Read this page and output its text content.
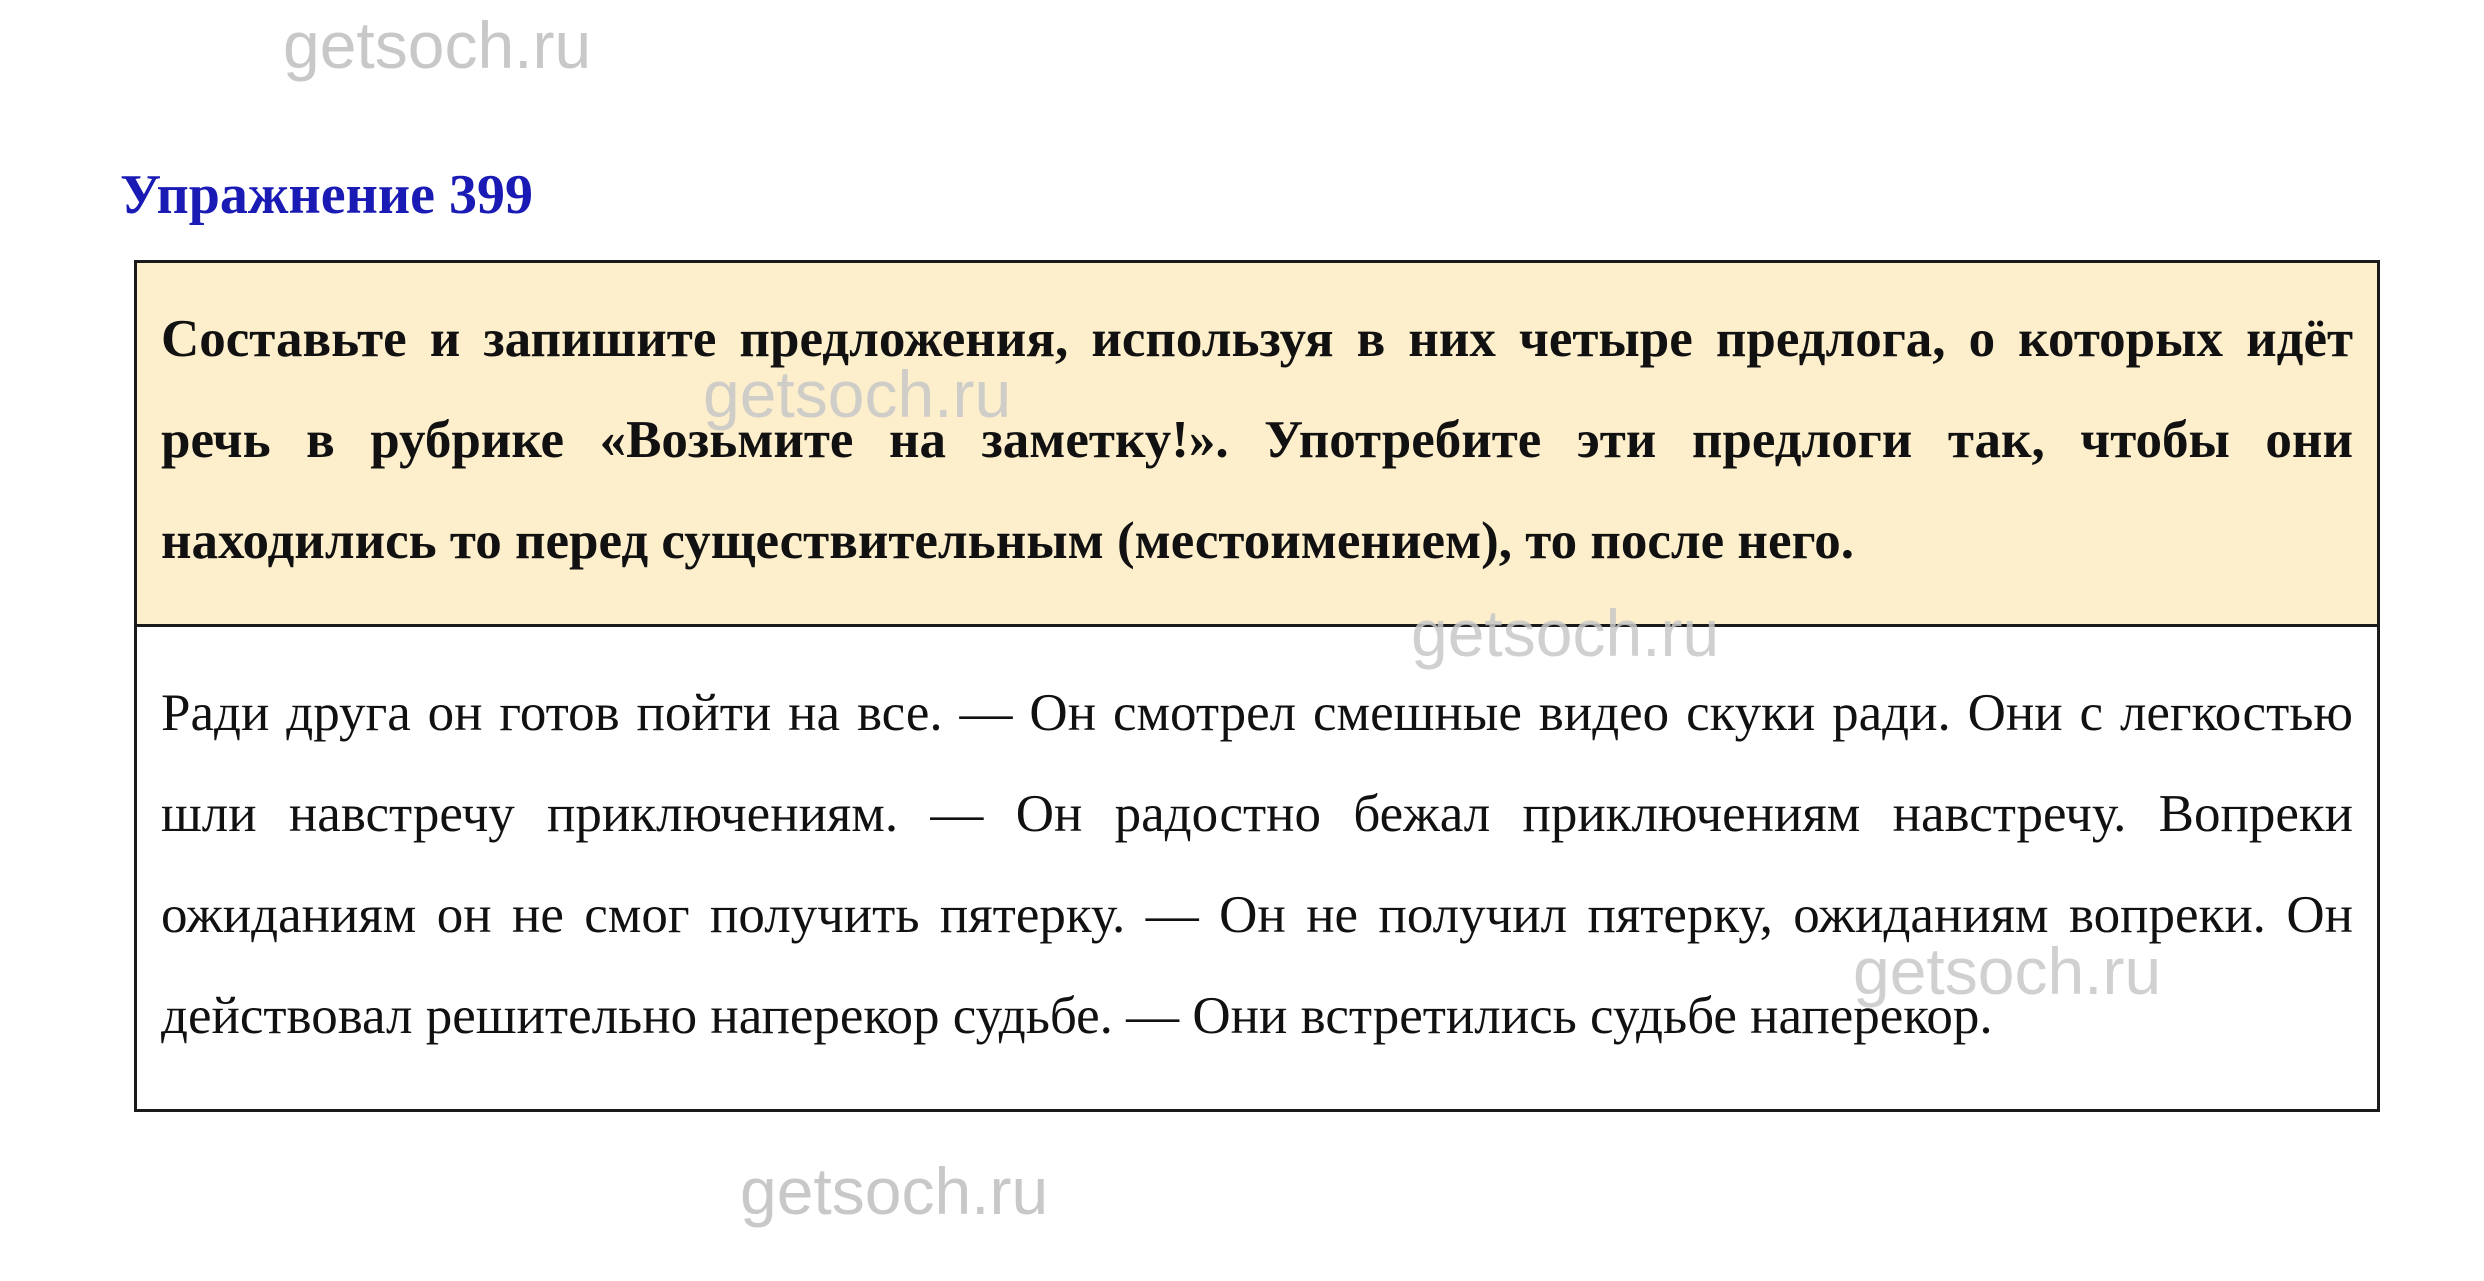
getsoch.ru
Упражнение 399
Составьте и запишите предложения, используя в них четыре предлога, о которых идёт речь в рубрике «Возьмите на заметку!». Употребите эти предлоги так, чтобы они находились то перед существительным (местоимением), то после него.
Ради друга он готов пойти на все. — Он смотрел смешные видео скуки ради. Они с легкостью шли навстречу приключениям. — Он радостно бежал приключениям навстречу. Вопреки ожиданиям он не смог получить пятерку. — Он не получил пятерку, ожиданиям вопреки. Он действовал решительно наперекор судьбе. — Они встретились судьбе наперекор.
getsoch.ru
getsoch.ru
getsoch.ru
getsoch.ru
